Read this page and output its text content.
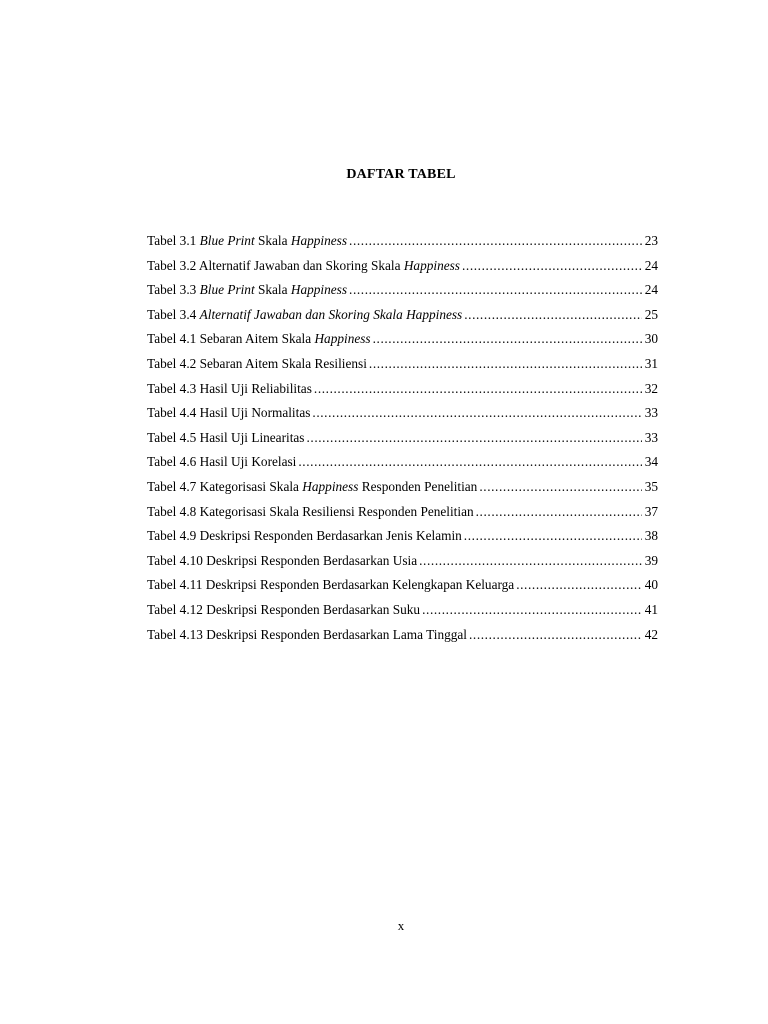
DAFTAR TABEL
Tabel 3.1 Blue Print Skala Happiness .....	23
Tabel 3.2 Alternatif Jawaban dan Skoring Skala Happiness .....	24
Tabel 3.3 Blue Print Skala Happiness .....	24
Tabel 3.4 Alternatif Jawaban dan Skoring Skala Happiness .....	25
Tabel 4.1 Sebaran Aitem Skala Happiness .....	30
Tabel 4.2 Sebaran Aitem Skala Resiliensi .....	31
Tabel 4.3 Hasil Uji Reliabilitas .....	32
Tabel 4.4 Hasil Uji Normalitas .....	33
Tabel 4.5 Hasil Uji Linearitas .....	33
Tabel 4.6 Hasil Uji Korelasi .....	34
Tabel 4.7 Kategorisasi Skala Happiness Responden Penelitian .....	35
Tabel 4.8 Kategorisasi Skala Resiliensi Responden Penelitian .....	37
Tabel 4.9 Deskripsi Responden Berdasarkan Jenis Kelamin .....	38
Tabel 4.10 Deskripsi Responden Berdasarkan Usia .....	39
Tabel 4.11 Deskripsi Responden Berdasarkan Kelengkapan Keluarga .....	40
Tabel 4.12 Deskripsi Responden Berdasarkan Suku .....	41
Tabel 4.13 Deskripsi Responden Berdasarkan Lama Tinggal .....	42
x
